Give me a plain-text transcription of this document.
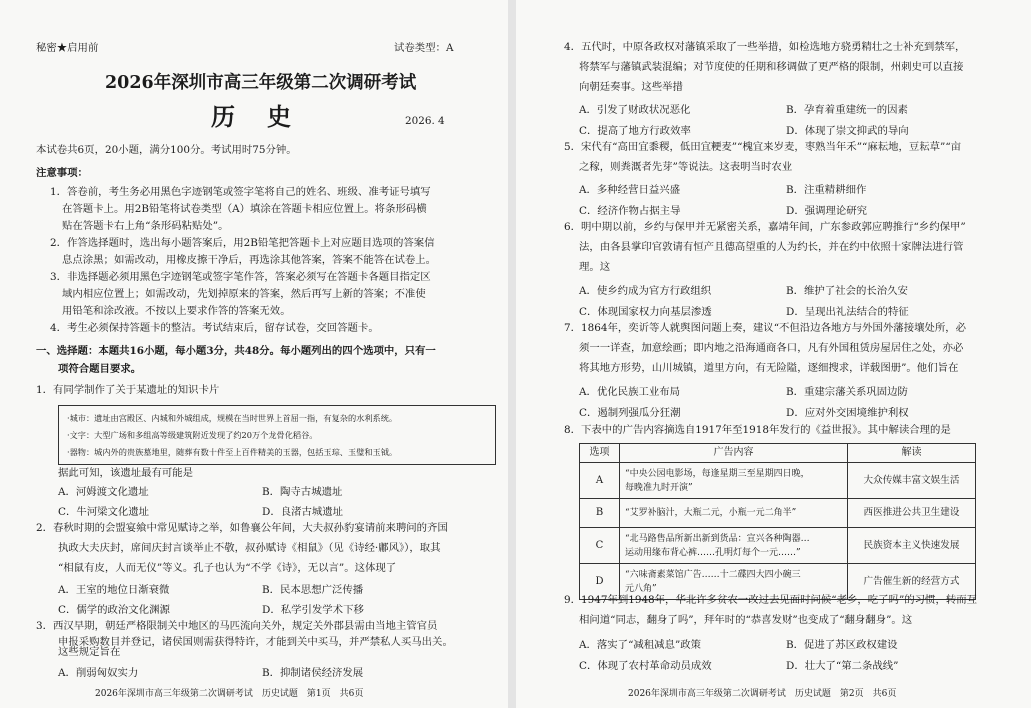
秘密★启用前	试卷类型：A
2026年深圳市高三年级第二次调研考试
历　史	2026. 4
本试卷共6页，20小题，满分100分。考试用时75分钟。
注意事项：
1．答卷前，考生务必用黑色字迹钢笔或签字笔将自己的姓名、班级、准考证号填写
在答题卡上。用2B铅笔将试卷类型（A）填涂在答题卡相应位置上。将条形码横
贴在答题卡右上角“条形码粘贴处”。
2．作答选择题时，选出每小题答案后，用2B铅笔把答题卡上对应题目选项的答案信
息点涂黑；如需改动，用橡皮擦干净后，再选涂其他答案，答案不能答在试卷上。
3．非选择题必须用黑色字迹钢笔或签字笔作答，答案必须写在答题卡各题目指定区
域内相应位置上；如需改动，先划掉原来的答案，然后再写上新的答案；不准使
用铅笔和涂改液。不按以上要求作答的答案无效。
4．考生必须保持答题卡的整洁。考试结束后，留存试卷，交回答题卡。
一、选择题：本题共16小题，每小题3分，共48分。每小题列出的四个选项中，只有一
项符合题目要求。
1．有同学制作了关于某遗址的知识卡片
·城市：遗址由宫殿区、内城和外城组成，规模在当时世界上首屈一指，有复杂的水利系统。
·文字：大型广场和多组高等级建筑附近发现了约20万个龙骨化稻谷。
·器物：城内外的贵族墓地里，随葬有数十件至上百件精美的玉器，包括玉琮、玉璧和玉钺。
据此可知，该遗址最有可能是
A．河姆渡文化遗址	B．陶寺古城遗址
C．牛河梁文化遗址	D．良渚古城遗址
2．春秋时期的会盟宴飨中常见赋诗之举，如鲁襄公年间，大夫叔孙豹宴请前来聘问的齐国
执政大夫庆封，席间庆封言谈举止不敬，叔孙赋诗《相鼠》（见《诗经·鄘风》），取其
“相鼠有皮，人而无仪”等义。孔子也认为“不学《诗》，无以言”。这体现了
A．王室的地位日渐衰微	B．民本思想广泛传播
C．儒学的政治文化渊源	D．私学引发学术下移
3．西汉早期，朝廷严格限制关中地区的马匹流向关外，规定关外郡县需由当地主管官员
申报采购数目并登记，诸侯国则需获得特许，才能到关中买马，并严禁私人买马出关。
这些规定旨在
A．削弱匈奴实力	B．抑制诸侯经济发展
2026年深圳市高三年级第二次调研考试　历史试题　第1页　共6页
4．五代时，中原各政权对藩镇采取了一些举措，如检选地方骁勇精壮之士补充到禁军，
将禁军与藩镇武装混编；对节度使的任期和移调做了更严格的限制，州刺史可以直接
向朝廷奏事。这些举措
A．引发了财政状况恶化	B．孕育着重建统一的因素
C．提高了地方行政效率	D．体现了崇文抑武的导向
5．宋代有“高田宜黍稷，低田宜粳麦”“槐宜来岁麦，枣熟当年禾”“麻耘地，豆耘草”“亩
之稼，则粪溉者先芽”等说法。这表明当时农业
A．多种经营日益兴盛	B．注重精耕细作
C．经济作物占据主导	D．强调理论研究
6．明中期以前，乡约与保甲并无紧密关系，嘉靖年间，广东参政郭应聘推行“乡约保甲”
法，由各县掌印官敦请有恒产且德高望重的人为约长，并在约中依照十家牌法进行管
理。这
A．使乡约成为官方行政组织	B．维护了社会的长治久安
C．体现国家权力向基层渗透	D．呈现出礼法结合的特征
7．1864年，奕䜣等人就舆图问题上奏，建议“不但沿边各地方与外国外藩接壤处所，必
须一一详查，加意绘画；即内地之沿海通商各口，凡有外国租赁房屋居住之处，亦必
将其地方形势，山川城镇，道里方向，有无险隘，逐细搜求，详载图册”。他们旨在
A．优化民族工业布局	B．重建宗藩关系巩固边防
C．遏制列强瓜分狂潮	D．应对外交困境维护利权
8．下表中的广告内容摘选自1917年至1918年发行的《益世报》。其中解读合理的是
选项	广告内容	解读
A	“中央公园电影场，每逢星期三至星期四日晚，
每晚准九时开演”	大众传媒丰富文娱生活
B	“艾罗补脑汁，大瓶二元，小瓶一元二角半”	西医推进公共卫生建设
C	“北马路售品所新出新到货品：宣兴各种陶器…
运动用缘布背心裤……孔明灯每个一元……”	民族资本主义快速发展
D	“六味斋素菜馆广告……十二碟四大四小碗三
元八角”	广告催生新的经营方式
9．1947年到1948年，华北许多贫农一改过去见面时问候“老乡，吃了吗”的习惯，转而互
相问道“同志，翻身了吗”，拜年时的“恭喜发财”也变成了“翻身翻身”。这
A．落实了“减租减息”政策	B．促进了苏区政权建设
C．体现了农村革命动员成效	D．壮大了“第二条战线”
2026年深圳市高三年级第二次调研考试　历史试题　第2页　共6页
